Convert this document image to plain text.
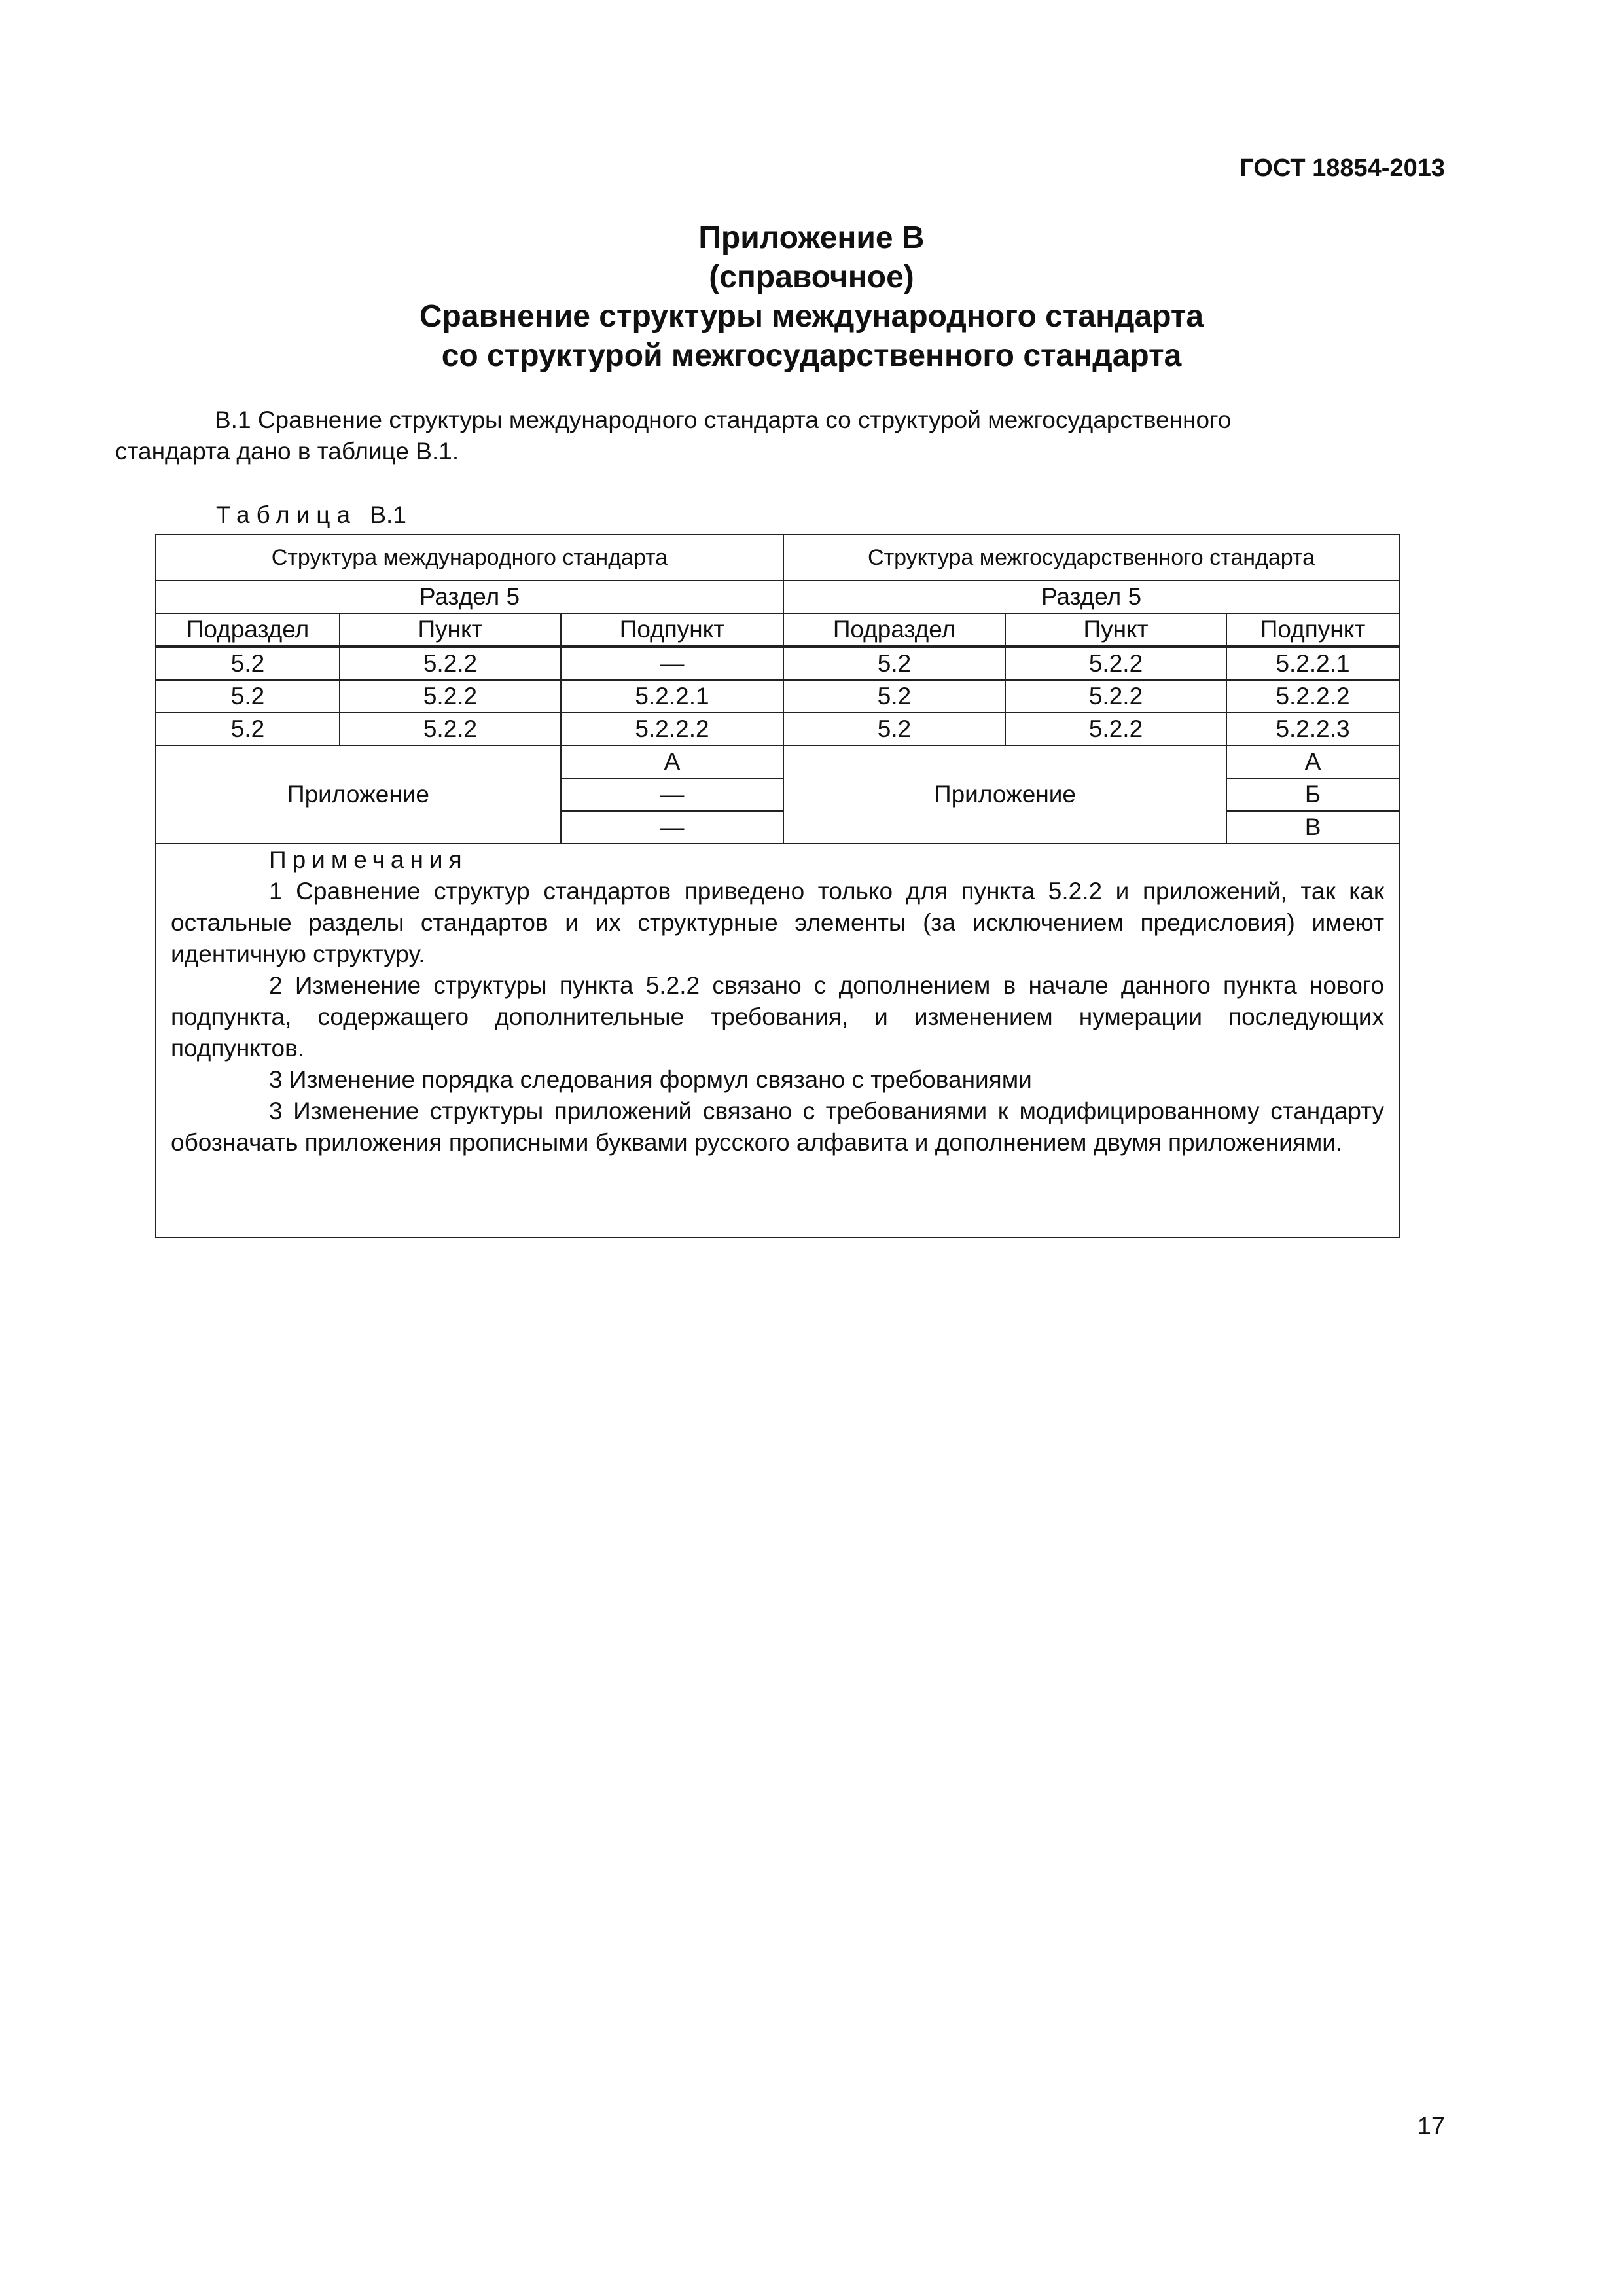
ГОСТ 18854-2013
Приложение В
(справочное)
Сравнение структуры международного стандарта
со структурой межгосударственного стандарта
В.1 Сравнение структуры международного стандарта со структурой межгосударственного
стандарта дано в таблице В.1.
Таблица В.1
Структура международного стандарта			Структура межгосударственного стандарта		
Раздел 5			Раздел 5		
Подраздел	Пункт	Подпункт	Подраздел	Пункт	Подпункт
5.2	5.2.2	—	5.2	5.2.2	5.2.2.1
5.2	5.2.2	5.2.2.1	5.2	5.2.2	5.2.2.2
5.2	5.2.2	5.2.2.2	5.2	5.2.2	5.2.2.3
Приложение		А	Приложение		А
		—			Б
		—			В

Примечания

1 Сравнение структур стандартов приведено только для пункта 5.2.2 и приложений, так как остальные разделы стандартов и их структурные элементы (за исключением предисловия) имеют идентичную структуру.

2 Изменение структуры пункта 5.2.2 связано с дополнением в начале данного пункта нового подпункта, содержащего дополнительные требования, и изменением нумерации последующих подпунктов.

3 Изменение порядка следования формул связано с требованиями

3 Изменение структуры приложений связано с требованиями к модифицированному стандарту обозначать приложения прописными буквами русского алфавита и дополнением двумя приложениями.					

17
